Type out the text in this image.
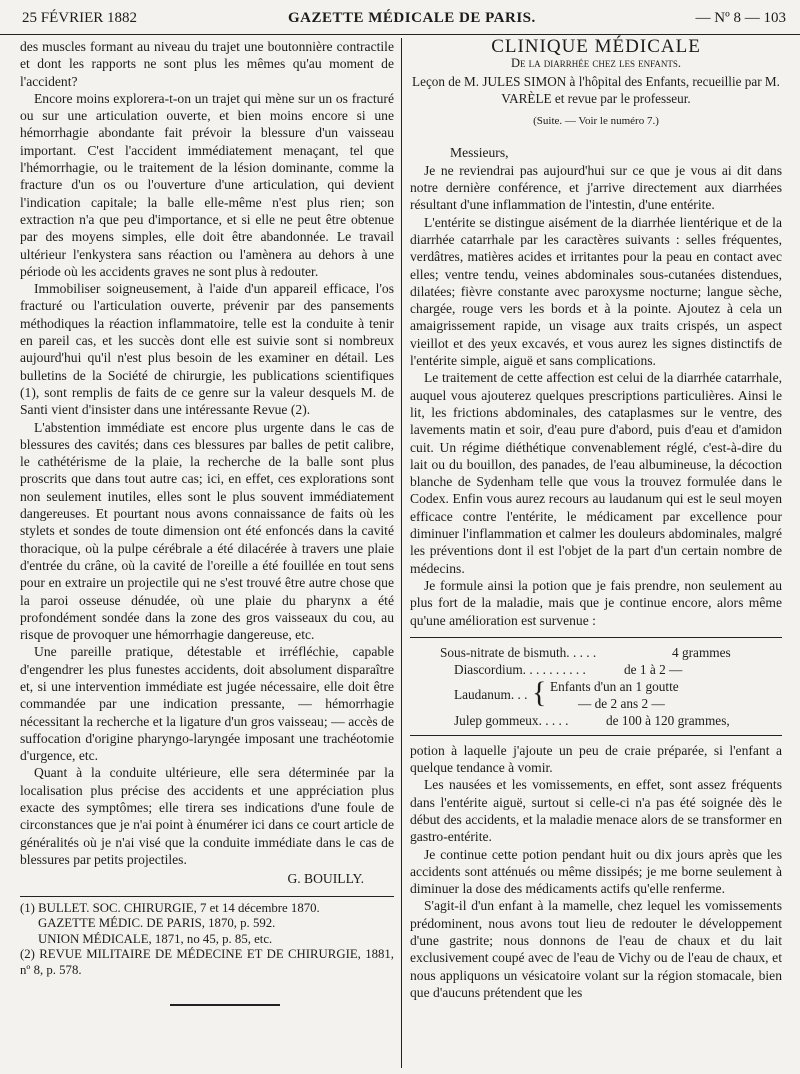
25 FÉVRIER 1882	GAZETTE MÉDICALE DE PARIS.	— Nº 8 — 103

des muscles formant au niveau du trajet une boutonnière contractile et dont les rapports ne sont plus les mêmes qu'au moment de l'accident?

Encore moins explorera-t-on un trajet qui mène sur un os fracturé ou sur une articulation ouverte, et bien moins encore si une hémorrhagie abondante fait prévoir la blessure d'un vaisseau important. C'est l'accident immédiatement menaçant, tel que l'hémorrhagie, ou le traitement de la lésion dominante, comme la fracture d'un os ou l'ouverture d'une articulation, qui devient l'indication capitale; la balle elle-même n'est plus rien; son extraction n'a que peu d'importance, et si elle ne peut être obtenue par des moyens simples, elle doit être abandonnée. Le travail ultérieur l'enkystera sans réaction ou l'amènera au dehors à une période où les accidents graves ne sont plus à redouter.

Immobiliser soigneusement, à l'aide d'un appareil efficace, l'os fracturé ou l'articulation ouverte, prévenir par des pansements méthodiques la réaction inflammatoire, telle est la conduite à tenir en pareil cas, et les succès dont elle est suivie sont si nombreux aujourd'hui qu'il n'est plus besoin de les examiner en détail. Les bulletins de la Société de chirurgie, les publications scientifiques (1), sont remplis de faits de ce genre sur la valeur desquels M. de Santi vient d'insister dans une intéressante Revue (2).

L'abstention immédiate est encore plus urgente dans le cas de blessures des cavités; dans ces blessures par balles de petit calibre, le cathétérisme de la plaie, la recherche de la balle sont plus proscrits que dans tout autre cas; ici, en effet, ces explorations sont non seulement inutiles, elles sont le plus souvent immédiatement dangereuses. Et pourtant nous avons connaissance de faits où les stylets et sondes de toute dimension ont été enfoncés dans la cavité thoracique, où la pulpe cérébrale a été dilacérée à travers une plaie d'entrée du crâne, où la cavité de l'oreille a été fouillée en tout sens pour en extraire un projectile qui ne s'est trouvé être autre chose que la paroi osseuse dénudée, où une plaie du pharynx a été profondément sondée dans la zone des gros vaisseaux du cou, au risque de provoquer une hémorrhagie dangereuse, etc.

Une pareille pratique, détestable et irréfléchie, capable d'engendrer les plus funestes accidents, doit absolument disparaître et, si une intervention immédiate est jugée nécessaire, elle doit être commandée par une indication pressante, — hémorrhagie nécessitant la recherche et la ligature d'un gros vaisseau; — accès de suffocation d'origine pharyngo-laryngée imposant une trachéotomie d'urgence, etc.

Quant à la conduite ultérieure, elle sera déterminée par la localisation plus précise des accidents et une appréciation plus exacte des symptômes; elle tirera ses indications d'une foule de circonstances que je n'ai point à énumérer ici dans ce court article de généralités où je n'ai visé que la conduite immédiate dans le cas de blessures par petits projectiles.

G. BOUILLY.

(1) BULLET. SOC. CHIRURGIE, 7 et 14 décembre 1870.
GAZETTE MÉDIC. DE PARIS, 1870, p. 592.
UNION MÉDICALE, 1871, no 45, p. 85, etc.
(2) REVUE MILITAIRE DE MÉDECINE ET DE CHIRURGIE, 1881, nº 8, p. 578.

CLINIQUE MÉDICALE

De la diarrhée chez les enfants.

Leçon de M. JULES SIMON à l'hôpital des Enfants, recueillie par M. VARÈLE et revue par le professeur.

(Suite. — Voir le numéro 7.)

Messieurs,

Je ne reviendrai pas aujourd'hui sur ce que je vous ai dit dans notre dernière conférence, et j'arrive directement aux diarrhées résultant d'une inflammation de l'intestin, d'une entérite.

L'entérite se distingue aisément de la diarrhée lientérique et de la diarrhée catarrhale par les caractères suivants : selles fréquentes, verdâtres, matières acides et irritantes pour la peau en contact avec elles; ventre tendu, veines abdominales sous-cutanées distendues, dilatées; fièvre constante avec paroxysme nocturne; langue sèche, chargée, rouge vers les bords et à la pointe. Ajoutez à cela un amaigrissement rapide, un visage aux traits crispés, un aspect vieillot et des yeux excavés, et vous aurez les signes distinctifs de l'entérite simple, aiguë et sans complications.

Le traitement de cette affection est celui de la diarrhée catarrhale, auquel vous ajouterez quelques prescriptions particulières. Ainsi le lit, les frictions abdominales, des cataplasmes sur le ventre, des lavements matin et soir, d'eau pure d'abord, puis d'eau et d'amidon cuit. Un régime diéthétique convenablement réglé, c'est-à-dire du lait ou du bouillon, des panades, de l'eau albumineuse, la décoction blanche de Sydenham telle que vous la trouvez formulée dans le Codex. Enfin vous aurez recours au laudanum qui est le seul moyen efficace contre l'entérite, le médicament par excellence pour diminuer l'inflammation et calmer les douleurs abdominales, malgré les préventions dont il est l'objet de la part d'un certain nombre de médecins.

Je formule ainsi la potion que je fais prendre, non seulement au plus fort de la maladie, mais que je continue encore, alors même qu'une amélioration est survenue :

Sous-nitrate de bismuth. . . . .	4 grammes
Diascordium. . . . . . . . . .	de 1 à 2 —
Laudanum. . . { Enfants d'un an 1 goutte
— de 2 ans 2 —
Julep gommeux. . . . .	de 100 à 120 grammes,

potion à laquelle j'ajoute un peu de craie préparée, si l'enfant a quelque tendance à vomir.

Les nausées et les vomissements, en effet, sont assez fréquents dans l'entérite aiguë, surtout si celle-ci n'a pas été soignée dès le début des accidents, et la maladie menace alors de se transformer en gastro-entérite.

Je continue cette potion pendant huit ou dix jours après que les accidents sont atténués ou même dissipés; je me borne seulement à diminuer la dose des médicaments actifs qu'elle renferme.

S'agit-il d'un enfant à la mamelle, chez lequel les vomissements prédominent, nous avons tout lieu de redouter le développement d'une gastrite; nous donnons de l'eau de chaux et du lait exclusivement coupé avec de l'eau de Vichy ou de l'eau de chaux, et nous appliquons un vésicatoire volant sur la région stomacale, bien que d'aucuns prétendent que les
